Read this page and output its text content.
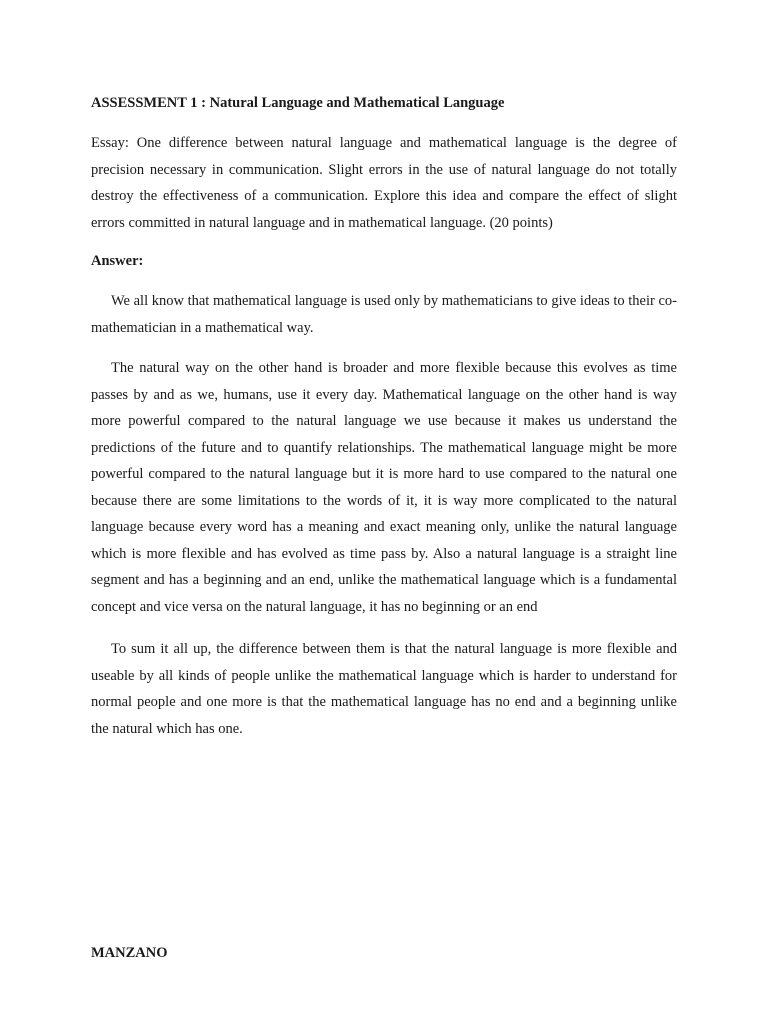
ASSESSMENT 1 : Natural Language and Mathematical Language

Essay: One difference between natural language and mathematical language is the degree of precision necessary in communication. Slight errors in the use of natural language do not totally destroy the effectiveness of a communication. Explore this idea and compare the effect of slight errors committed in natural language and in mathematical language. (20 points)

Answer:

We all know that mathematical language is used only by mathematicians to give ideas to their co-mathematician in a mathematical way.

The natural way on the other hand is broader and more flexible because this evolves as time passes by and as we, humans, use it every day. Mathematical language on the other hand is way more powerful compared to the natural language we use because it makes us understand the predictions of the future and to quantify relationships. The mathematical language might be more powerful compared to the natural language but it is more hard to use compared to the natural one because there are some limitations to the words of it, it is way more complicated to the natural language because every word has a meaning and exact meaning only, unlike the natural language which is more flexible and has evolved as time pass by. Also a natural language is a straight line segment and has a beginning and an end, unlike the mathematical language which is a fundamental concept and vice versa on the natural language, it has no beginning or an end

To sum it all up, the difference between them is that the natural language is more flexible and useable by all kinds of people unlike the mathematical language which is harder to understand for normal people and one more is that the mathematical language has no end and a beginning unlike the natural which has one.

MANZANO
